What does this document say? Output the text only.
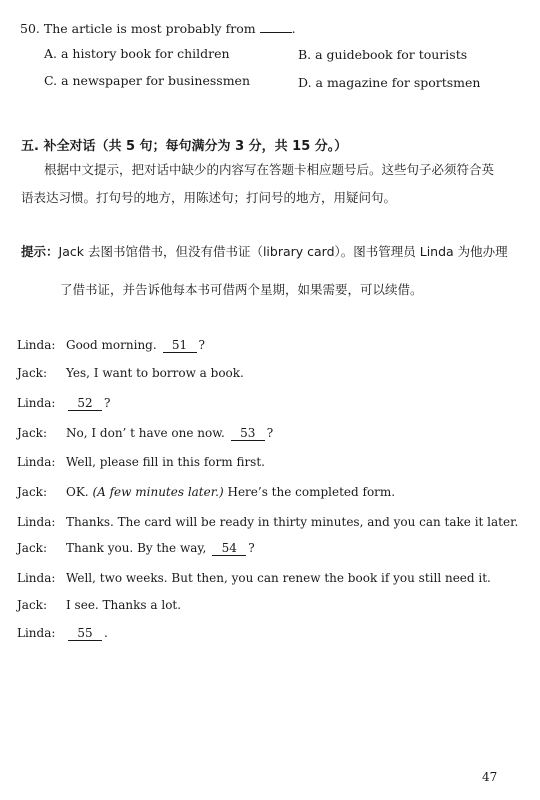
50. The article is most probably from	.
A. a history book for children	B. a guidebook for tourists
C. a newspaper for businessmen	D. a magazine for sportsmen
五. 补全对话（共 5 句；每句满分为 3 分，共 15 分。）
根据中文提示，把对话中缺少的内容写在答题卡相应题号后。这些句子必须符合英
语表达习惯。打句号的地方，用陈述句；打问号的地方，用疑问句。
提示：Jack 去图书馆借书，但没有借书证（library card）。图书管理员 Linda 为他办理
了借书证，并告诉他每本书可借两个星期，如果需要，可以续借。
Linda: Good morning. 51 ?
Jack: Yes, I want to borrow a book.
Linda:	52 ?
Jack: No, I don’ t have one now. 53 ?
Linda: Well, please fill in this form first.
Jack: OK. (A few minutes later.) Here’s the completed form.
Linda: Thanks. The card will be ready in thirty minutes, and you can take it later.
Jack: Thank you. By the way, 54 ?
Linda: Well, two weeks. But then, you can renew the book if you still need it.
Jack: I see. Thanks a lot.
Linda:	55 .
47
